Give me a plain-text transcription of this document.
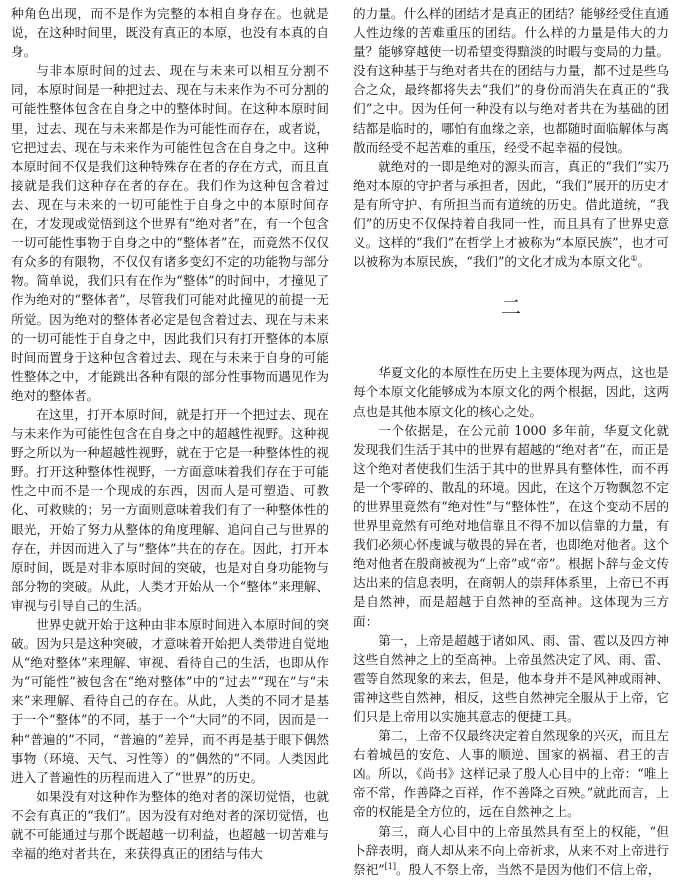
种角色出现，而不是作为完整的本相自身存在。也就是说，在这种时间里，既没有真正的本原，也没有本真的自身。

与非本原时间的过去、现在与未来可以相互分割不同，本原时间是一种把过去、现在与未来作为不可分割的可能性整体包含在自身之中的整体时间。在这种本原时间里，过去、现在与未来都是作为可能性而存在，或者说，它把过去、现在与未来作为可能性包含在自身之中。这种本原时间不仅是我们这种特殊存在者的存在方式，而且直接就是我们这种存在者的存在。我们作为这种包含着过去、现在与未来的一切可能性于自身之中的本原时间存在，才发现或觉悟到这个世界有“绝对者”在，有一个包含一切可能性事物于自身之中的“整体者”在，而竟然不仅仅有众多的有限物，不仅仅有诸多变幻不定的功能物与部分物。简单说，我们只有在作为“整体”的时间中，才撞见了作为绝对的“整体者”，尽管我们可能对此撞见的前提一无所觉。因为绝对的整体者必定是包含着过去、现在与未来的一切可能性于自身之中，因此我们只有打开整体的本原时间而置身于这种包含着过去、现在与未来于自身的可能性整体之中，才能跳出各种有限的部分性事物而遇见作为绝对的整体者。

在这里，打开本原时间，就是打开一个把过去、现在与未来作为可能性包含在自身之中的超越性视野。这种视野之所以为一种超越性视野，就在于它是一种整体性的视野。打开这种整体性视野，一方面意味着我们存在于可能性之中而不是一个现成的东西，因而人是可塑造、可教化、可救赎的；另一方面则意味着我们有了一种整体性的眼光，开始了努力从整体的角度理解、追问自己与世界的存在，并因而进入了与“整体”共在的存在。因此，打开本原时间，既是对非本原时间的突破，也是对自身功能物与部分物的突破。从此，人类才开始从一个“整体”来理解、审视与引导自己的生活。

世界史就开始于这种由非本原时间进入本原时间的突破。因为只是这种突破，才意味着开始把人类带进自觉地从“绝对整体”来理解、审视、看待自己的生活，也即从作为“可能性”被包含在“绝对整体”中的“过去”“现在”与“未来”来理解、看待自己的存在。从此，人类的不同才是基于一个“整体”的不同，基于一个“大同”的不同，因而是一种“普遍的”不同，“普遍的”差异，而不再是基于眼下偶然事物（环境、天气、习性等）的“偶然的”不同。人类因此进入了普遍性的历程而进入了“世界”的历史。

如果没有对这种作为整体的绝对者的深切觉悟，也就不会有真正的“我们”。因为没有对绝对者的深切觉悟，也就不可能通过与那个既超越一切利益，也超越一切苦难与幸福的绝对者共在，来获得真正的团结与伟大

的力量。什么样的团结才是真正的团结？能够经受住直通人性边缘的苦难重压的团结。什么样的力量是伟大的力量？能够穿越使一切希望变得黯淡的时暇与变局的力量。没有这种基于与绝对者共在的团结与力量，都不过是些乌合之众，最终都将失去“我们”的身份而消失在真正的“我们”之中。因为任何一种没有以与绝对者共在为基础的团结都是临时的，哪怕有血缘之亲，也都随时面临解体与离散而经受不起苦难的重压，经受不起幸福的侵蚀。

就绝对的一即是绝对的源头而言，真正的“我们”实乃绝对本原的守护者与承担者，因此，“我们”展开的历史才是有所守护、有所担当而有道统的历史。借此道统，“我们”的历史不仅保持着自我同一性，而且具有了世界史意义。这样的“我们”在哲学上才被称为“本原民族”，也才可以被称为本原民族，“我们”的文化才成为本原文化①。

二

华夏文化的本原性在历史上主要体现为两点，这也是每个本原文化能够成为本原文化的两个根据，因此，这两点也是其他本原文化的核心之处。

一个依据是，在公元前 1000 多年前，华夏文化就发现我们生活于其中的世界有超越的“绝对者”在，而正是这个绝对者使我们生活于其中的世界具有整体性，而不再是一个零碎的、散乱的环境。因此，在这个万物飘忽不定的世界里竟然有“绝对性”与“整体性”，在这个变动不居的世界里竟然有可绝对地信靠且不得不加以信靠的力量，有我们必须心怀虔诚与敬畏的异在者，也即绝对他者。这个绝对他者在殷商被视为“上帝”或“帝”。根据卜辞与金文传达出来的信息表明，在商朝人的崇拜体系里，上帝已不再是自然神，而是超越于自然神的至高神。这体现为三方面：

第一，上帝是超越于诸如风、雨、雷、雹以及四方神这些自然神之上的至高神。上帝虽然决定了风、雨、雷、雹等自然现象的来去，但是，他本身并不是风神或雨神、雷神这些自然神，相反，这些自然神完全服从于上帝，它们只是上帝用以实施其意志的便捷工具。

第二，上帝不仅最终决定着自然现象的兴灭，而且左右着城邑的安危、人事的顺逆、国家的祸福、君王的吉凶。所以，《尚书》这样记录了殷人心目中的上帝：“唯上帝不常，作善降之百祥，作不善降之百殃。”就此而言，上帝的权能是全方位的，远在自然神之上。

第三，商人心目中的上帝虽然具有至上的权能，“但卜辞表明，商人却从来不向上帝祈求，从来不对上帝进行祭祀”[1]。殷人不祭上帝，当然不是因为他们不信上帝，
